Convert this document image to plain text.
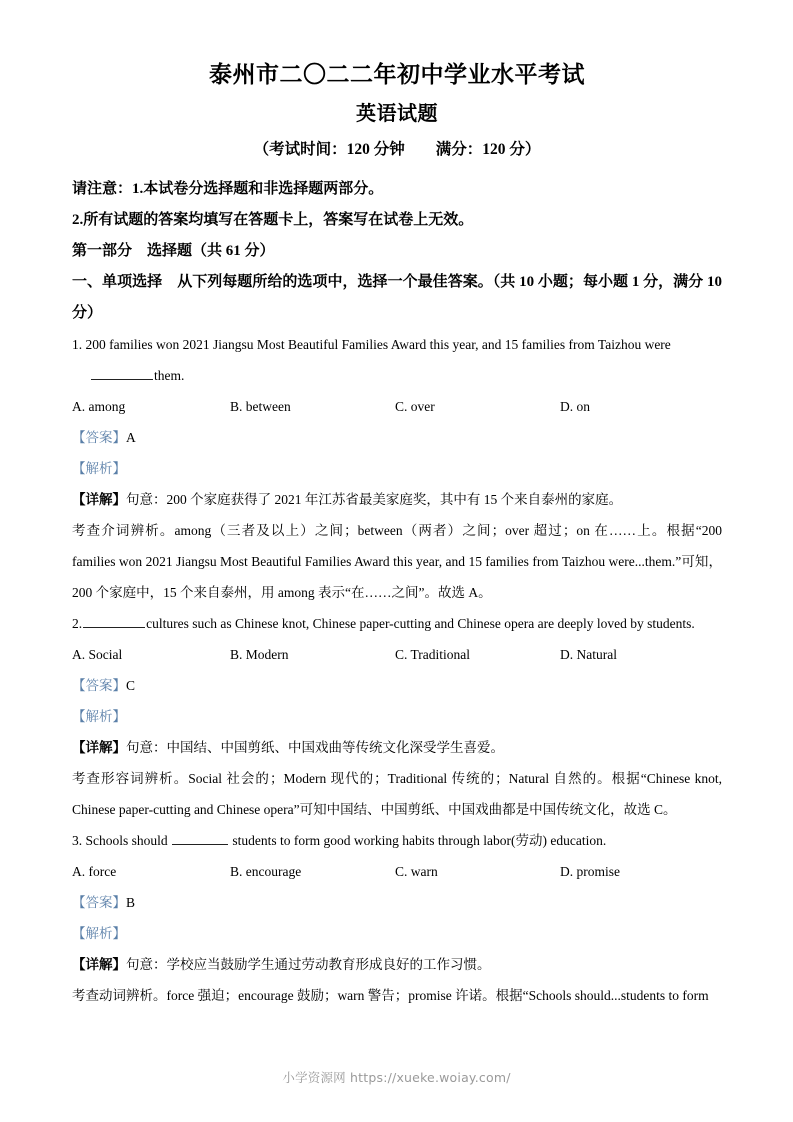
泰州市二〇二二年初中学业水平考试
英语试题

（考试时间：120 分钟　　满分：120 分）

请注意：1.本试卷分选择题和非选择题两部分。

2.所有试题的答案均填写在答题卡上，答案写在试卷上无效。

第一部分　选择题（共 61 分）

一、单项选择　从下列每题所给的选项中，选择一个最佳答案。（共 10 小题；每小题 1 分，满分 10 分）

1. 200 families won 2021 Jiangsu Most Beautiful Families Award this year, and 15 families from Taizhou were

them.

A. among	B. between	C. over	D. on

【答案】A

【解析】

【详解】句意：200 个家庭获得了 2021 年江苏省最美家庭奖，其中有 15 个来自泰州的家庭。

考查介词辨析。among（三者及以上）之间；between（两者）之间；over 超过；on 在……上。根据“200 families won 2021 Jiangsu Most Beautiful Families Award this year, and 15 families from Taizhou were...them.”可知，200 个家庭中，15 个来自泰州，用 among 表示“在……之间”。故选 A。

2.	cultures such as Chinese knot, Chinese paper-cutting and Chinese opera are deeply loved by students.

A. Social	B. Modern	C. Traditional	D. Natural

【答案】C

【解析】

【详解】句意：中国结、中国剪纸、中国戏曲等传统文化深受学生喜爱。

考查形容词辨析。Social 社会的；Modern 现代的；Traditional 传统的；Natural 自然的。根据“Chinese knot, Chinese paper-cutting and Chinese opera”可知中国结、中国剪纸、中国戏曲都是中国传统文化，故选 C。

3. Schools should	students to form good working habits through labor(劳动) education.

A. force	B. encourage	C. warn	D. promise

【答案】B

【解析】

【详解】句意：学校应当鼓励学生通过劳动教育形成良好的工作习惯。

考查动词辨析。force 强迫；encourage 鼓励；warn 警告；promise 许诺。根据“Schools should...students to form

小学资源网 https://xueke.woiay.com/
